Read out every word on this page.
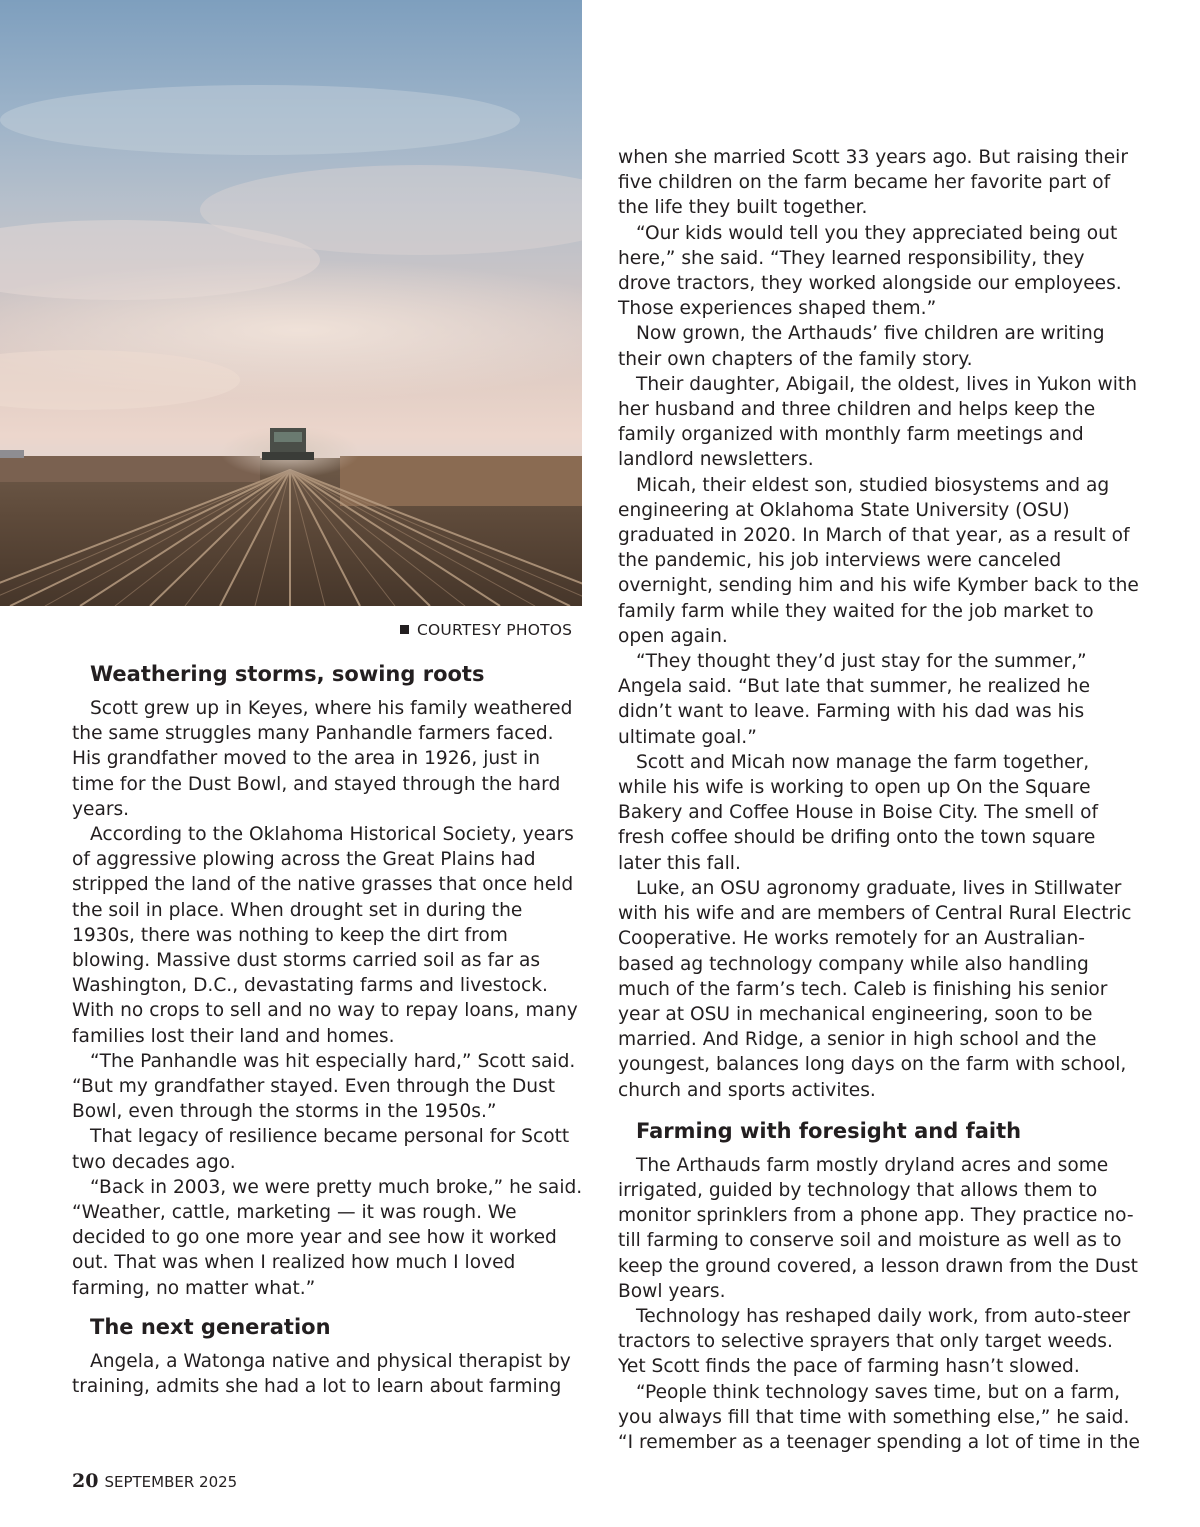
COURTESY PHOTOS
Weathering storms, sowing roots

Scott grew up in Keyes, where his family weathered the same struggles many Panhandle farmers faced. His grandfather moved to the area in 1926, just in time for the Dust Bowl, and stayed through the hard years.

According to the Oklahoma Historical Society, years of aggressive plowing across the Great Plains had stripped the land of the native grasses that once held the soil in place. When drought set in during the 1930s, there was nothing to keep the dirt from blowing. Massive dust storms carried soil as far as Washington, D.C., devastating farms and livestock. With no crops to sell and no way to repay loans, many families lost their land and homes.

“The Panhandle was hit especially hard,” Scott said. “But my grandfather stayed. Even through the Dust Bowl, even through the storms in the 1950s.”

That legacy of resilience became personal for Scott two decades ago.

“Back in 2003, we were pretty much broke,” he said. “Weather, cattle, marketing — it was rough. We decided to go one more year and see how it worked out. That was when I realized how much I loved farming, no matter what.”

The next generation

Angela, a Watonga native and physical therapist by training, admits she had a lot to learn about farming

when she married Scott 33 years ago. But raising their five children on the farm became her favorite part of the life they built together.

“Our kids would tell you they appreciated being out here,” she said. “They learned responsibility, they drove tractors, they worked alongside our employees. Those experiences shaped them.”

Now grown, the Arthauds’ five children are writing their own chapters of the family story.

Their daughter, Abigail, the oldest, lives in Yukon with her husband and three children and helps keep the family organized with monthly farm meetings and landlord newsletters.

Micah, their eldest son, studied biosystems and ag engineering at Oklahoma State University (OSU) graduated in 2020. In March of that year, as a result of the pandemic, his job interviews were canceled overnight, sending him and his wife Kymber back to the family farm while they waited for the job market to open again.

“They thought they’d just stay for the summer,” Angela said. “But late that summer, he realized he didn’t want to leave. Farming with his dad was his ultimate goal.”

Scott and Micah now manage the farm together, while his wife is working to open up On the Square Bakery and Coffee House in Boise City. The smell of fresh coffee should be drifing onto the town square later this fall.

Luke, an OSU agronomy graduate, lives in Stillwater with his wife and are members of Central Rural Electric Cooperative. He works remotely for an Australian-based ag technology company while also handling much of the farm’s tech. Caleb is finishing his senior year at OSU in mechanical engineering, soon to be married. And Ridge, a senior in high school and the youngest, balances long days on the farm with school, church and sports activites.

Farming with foresight and faith

The Arthauds farm mostly dryland acres and some irrigated, guided by technology that allows them to monitor sprinklers from a phone app. They practice no-till farming to conserve soil and moisture as well as to keep the ground covered, a lesson drawn from the Dust Bowl years.

Technology has reshaped daily work, from auto-steer tractors to selective sprayers that only target weeds. Yet Scott finds the pace of farming hasn’t slowed.

“People think technology saves time, but on a farm, you always fill that time with something else,” he said. “I remember as a teenager spending a lot of time in the

20 SEPTEMBER 2025
